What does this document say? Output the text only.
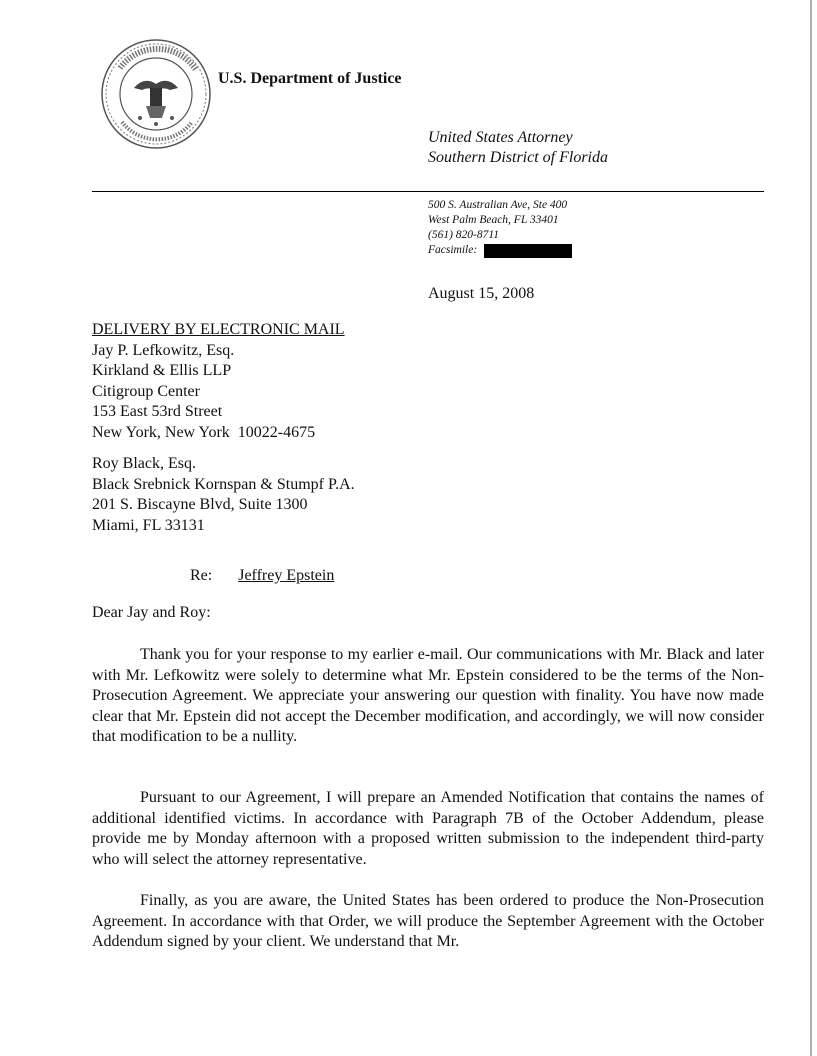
U.S. Department of Justice
United States Attorney
Southern District of Florida
500 S. Australian Ave, Ste 400
West Palm Beach, FL 33401
(561) 820-8711
Facsimile:
August 15, 2008
DELIVERY BY ELECTRONIC MAIL
Jay P. Lefkowitz, Esq.
Kirkland & Ellis LLP
Citigroup Center
153 East 53rd Street
New York, New York  10022-4675
Roy Black, Esq.
Black Srebnick Kornspan & Stumpf P.A.
201 S. Biscayne Blvd, Suite 1300
Miami, FL 33131
Re: Jeffrey Epstein
Dear Jay and Roy:

Thank you for your response to my earlier e-mail. Our communications with Mr. Black and later with Mr. Lefkowitz were solely to determine what Mr. Epstein considered to be the terms of the Non-Prosecution Agreement. We appreciate your answering our question with finality. You have now made clear that Mr. Epstein did not accept the December modification, and accordingly, we will now consider that modification to be a nullity.

Pursuant to our Agreement, I will prepare an Amended Notification that contains the names of additional identified victims. In accordance with Paragraph 7B of the October Addendum, please provide me by Monday afternoon with a proposed written submission to the independent third-party who will select the attorney representative.

Finally, as you are aware, the United States has been ordered to produce the Non-Prosecution Agreement. In accordance with that Order, we will produce the September Agreement with the October Addendum signed by your client. We understand that Mr.
